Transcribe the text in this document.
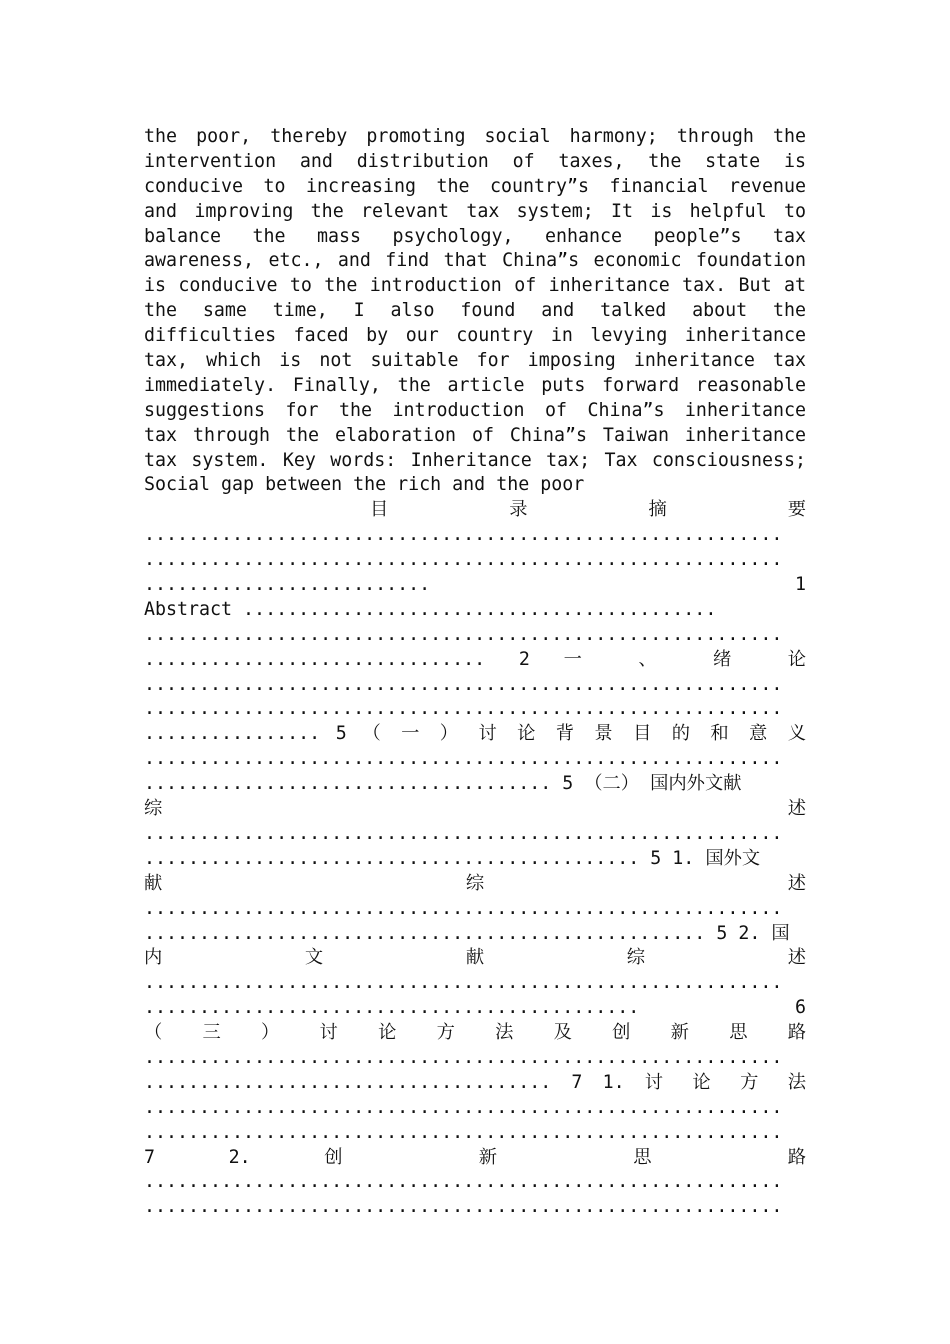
the poor, thereby promoting social harmony; through the
intervention and distribution of taxes, the state is
conducive to increasing the country”s financial revenue
and improving the relevant tax system; It is helpful to
balance the mass psychology, enhance people”s tax
awareness, etc., and find that China”s economic foundation
is conducive to the introduction of inheritance tax. But at
the same time, I also found and talked about the
difficulties faced by our country in levying inheritance
tax, which is not suitable for imposing inheritance tax
immediately. Finally, the article puts forward reasonable
suggestions for the introduction of China”s inheritance
tax through the elaboration of China”s Taiwan inheritance
tax system. Key words: Inheritance tax; Tax consciousness;
Social gap between the rich and the poor
目 录 摘 要
..........................................................
..........................................................
.......................... 1
Abstract ...........................................
..........................................................
............................... 2 一 、 绪 论
..........................................................
..........................................................
................ 5 （ 一 ） 讨 论 背 景 目 的 和 意 义
..........................................................
..................................... 5 （二） 国内外文献
综 述
..........................................................
............................................. 5 1. 国外文
献 综 述
..........................................................
................................................... 5 2. 国
内 文 献 综 述
..........................................................
............................................. 6
（ 三 ） 讨 论 方 法 及 创 新 思 路
..........................................................
..................................... 7 1. 讨 论 方 法
..........................................................
..........................................................
7 2. 创 新 思 路
..........................................................
..........................................................
